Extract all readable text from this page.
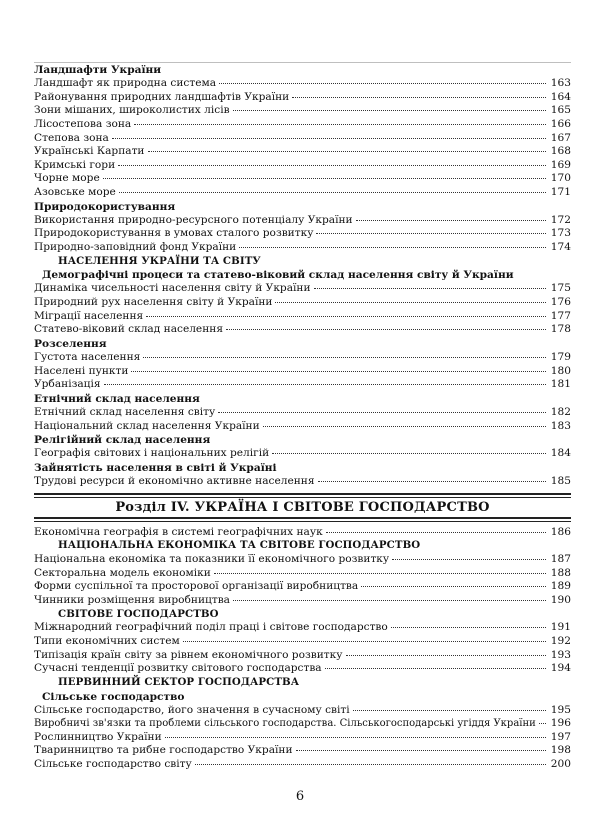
Ландшафти України
Ландшафт як природна система	163
Районування природних ландшафтів України	164
Зони мішаних, широколистих лісів	165
Лісостепова зона	166
Степова зона	167
Українські Карпати	168
Кримські гори	169
Чорне море	170
Азовське море	171
Природокористування
Використання природно-ресурсного потенціалу України	172
Природокористування в умовах сталого розвитку	173
Природно-заповідний фонд України	174
НАСЕЛЕННЯ УКРАЇНИ ТА СВІТУ
Демографічні процеси та статево-віковий склад населення світу й України
Динаміка чисельності населення світу й України	175
Природний рух населення світу й України	176
Міграції населення	177
Статево-віковий склад населення	178
Розселення
Густота населення	179
Населені пункти	180
Урбанізація	181
Етнічний склад населення
Етнічний склад населення світу	182
Національний склад населення України	183
Релігійний склад населення
Географія світових і національних релігій	184
Зайнятість населення в світі й Україні
Трудові ресурси й економічно активне населення	185
Розділ IV. УКРАЇНА І СВІТОВЕ ГОСПОДАРСТВО
Економічна географія в системі географічних наук	186
НАЦІОНАЛЬНА ЕКОНОМІКА ТА СВІТОВЕ ГОСПОДАРСТВО
Національна економіка та показники її економічного розвитку	187
Секторальна модель економіки	188
Форми суспільної та просторової організації виробництва	189
Чинники розміщення виробництва	190
СВІТОВЕ ГОСПОДАРСТВО
Міжнародний географічний поділ праці і світове господарство	191
Типи економічних систем	192
Типізація країн світу за рівнем економічного розвитку	193
Сучасні тенденції розвитку світового господарства	194
ПЕРВИННИЙ СЕКТОР ГОСПОДАРСТВА
Сільське господарство
Сільське господарство, його значення в сучасному світі	195
Виробничі зв'язки та проблеми сільського господарства. Сільськогосподарські угіддя України	196
Рослинництво України	197
Тваринництво та рибне господарство України	198
Сільське господарство світу	200
6
